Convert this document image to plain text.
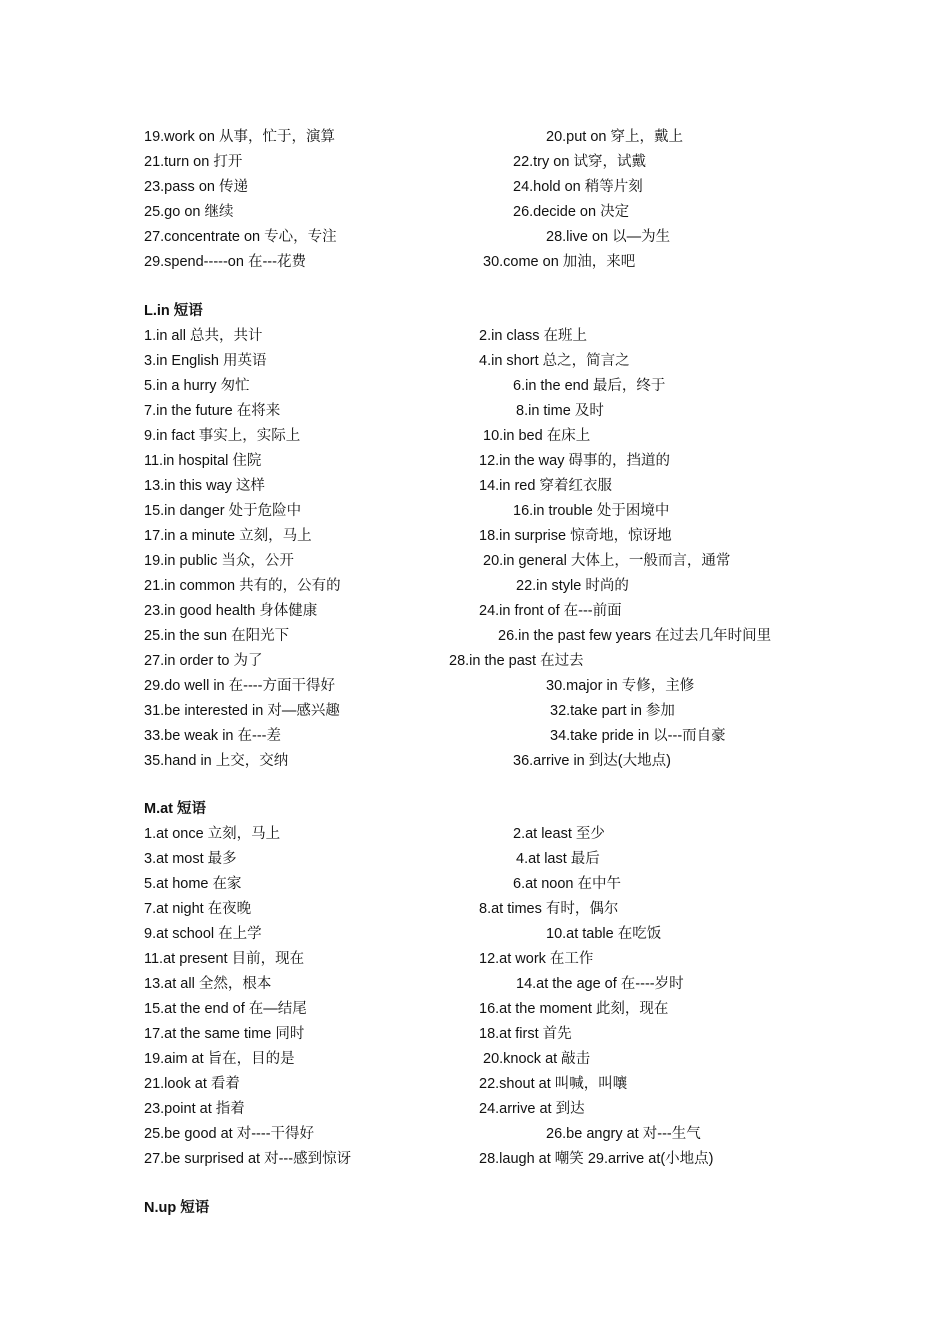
19.work on 从事，忙于，演算	20.put on 穿上，戴上
21.turn on 打开	22.try on 试穿，试戴
23.pass on 传递	24.hold on 稍等片刻
25.go on 继续	26.decide on 决定
27.concentrate on 专心，专注	28.live on 以—为生
29.spend-----on 在---花费	30.come on 加油，来吧
L.in 短语
1.in all 总共，共计	2.in class 在班上
3.in English 用英语	4.in short 总之，简言之
5.in a hurry 匆忙	6.in the end 最后，终于
7.in the future 在将来	8.in time 及时
9.in fact 事实上，实际上	10.in bed 在床上
11.in hospital 住院	12.in the way 碍事的，挡道的
13.in this way 这样	14.in red 穿着红衣服
15.in danger 处于危险中	16.in trouble 处于困境中
17.in a minute 立刻，马上	18.in surprise 惊奇地，惊讶地
19.in public 当众，公开	20.in general 大体上，一般而言，通常
21.in common 共有的，公有的	22.in style 时尚的
23.in good health 身体健康	24.in front of 在---前面
25.in the sun 在阳光下	26.in the past few years 在过去几年时间里
27.in order to 为了	28.in the past 在过去
29.do well in 在----方面干得好	30.major in 专修，主修
31.be interested in 对—感兴趣	32.take part in 参加
33.be weak in 在---差	34.take pride in 以---而自豪
35.hand in 上交，交纳	36.arrive in 到达(大地点)
M.at 短语
1.at once 立刻，马上	2.at least 至少
3.at most 最多	4.at last 最后
5.at home 在家	6.at noon 在中午
7.at night 在夜晚	8.at times 有时，偶尔
9.at school 在上学	10.at table 在吃饭
11.at present 目前，现在	12.at work 在工作
13.at all 全然，根本	14.at the age of 在----岁时
15.at the end of 在—结尾	16.at the moment 此刻，现在
17.at the same time 同时	18.at first 首先
19.aim at 旨在，目的是	20.knock at 敲击
21.look at 看着	22.shout at 叫喊，叫嚷
23.point at 指着	24.arrive at 到达
25.be good at 对----干得好	26.be angry at 对---生气
27.be surprised at 对---感到惊讶	28.laugh at 嘲笑 29.arrive at(小地点)
N.up 短语
